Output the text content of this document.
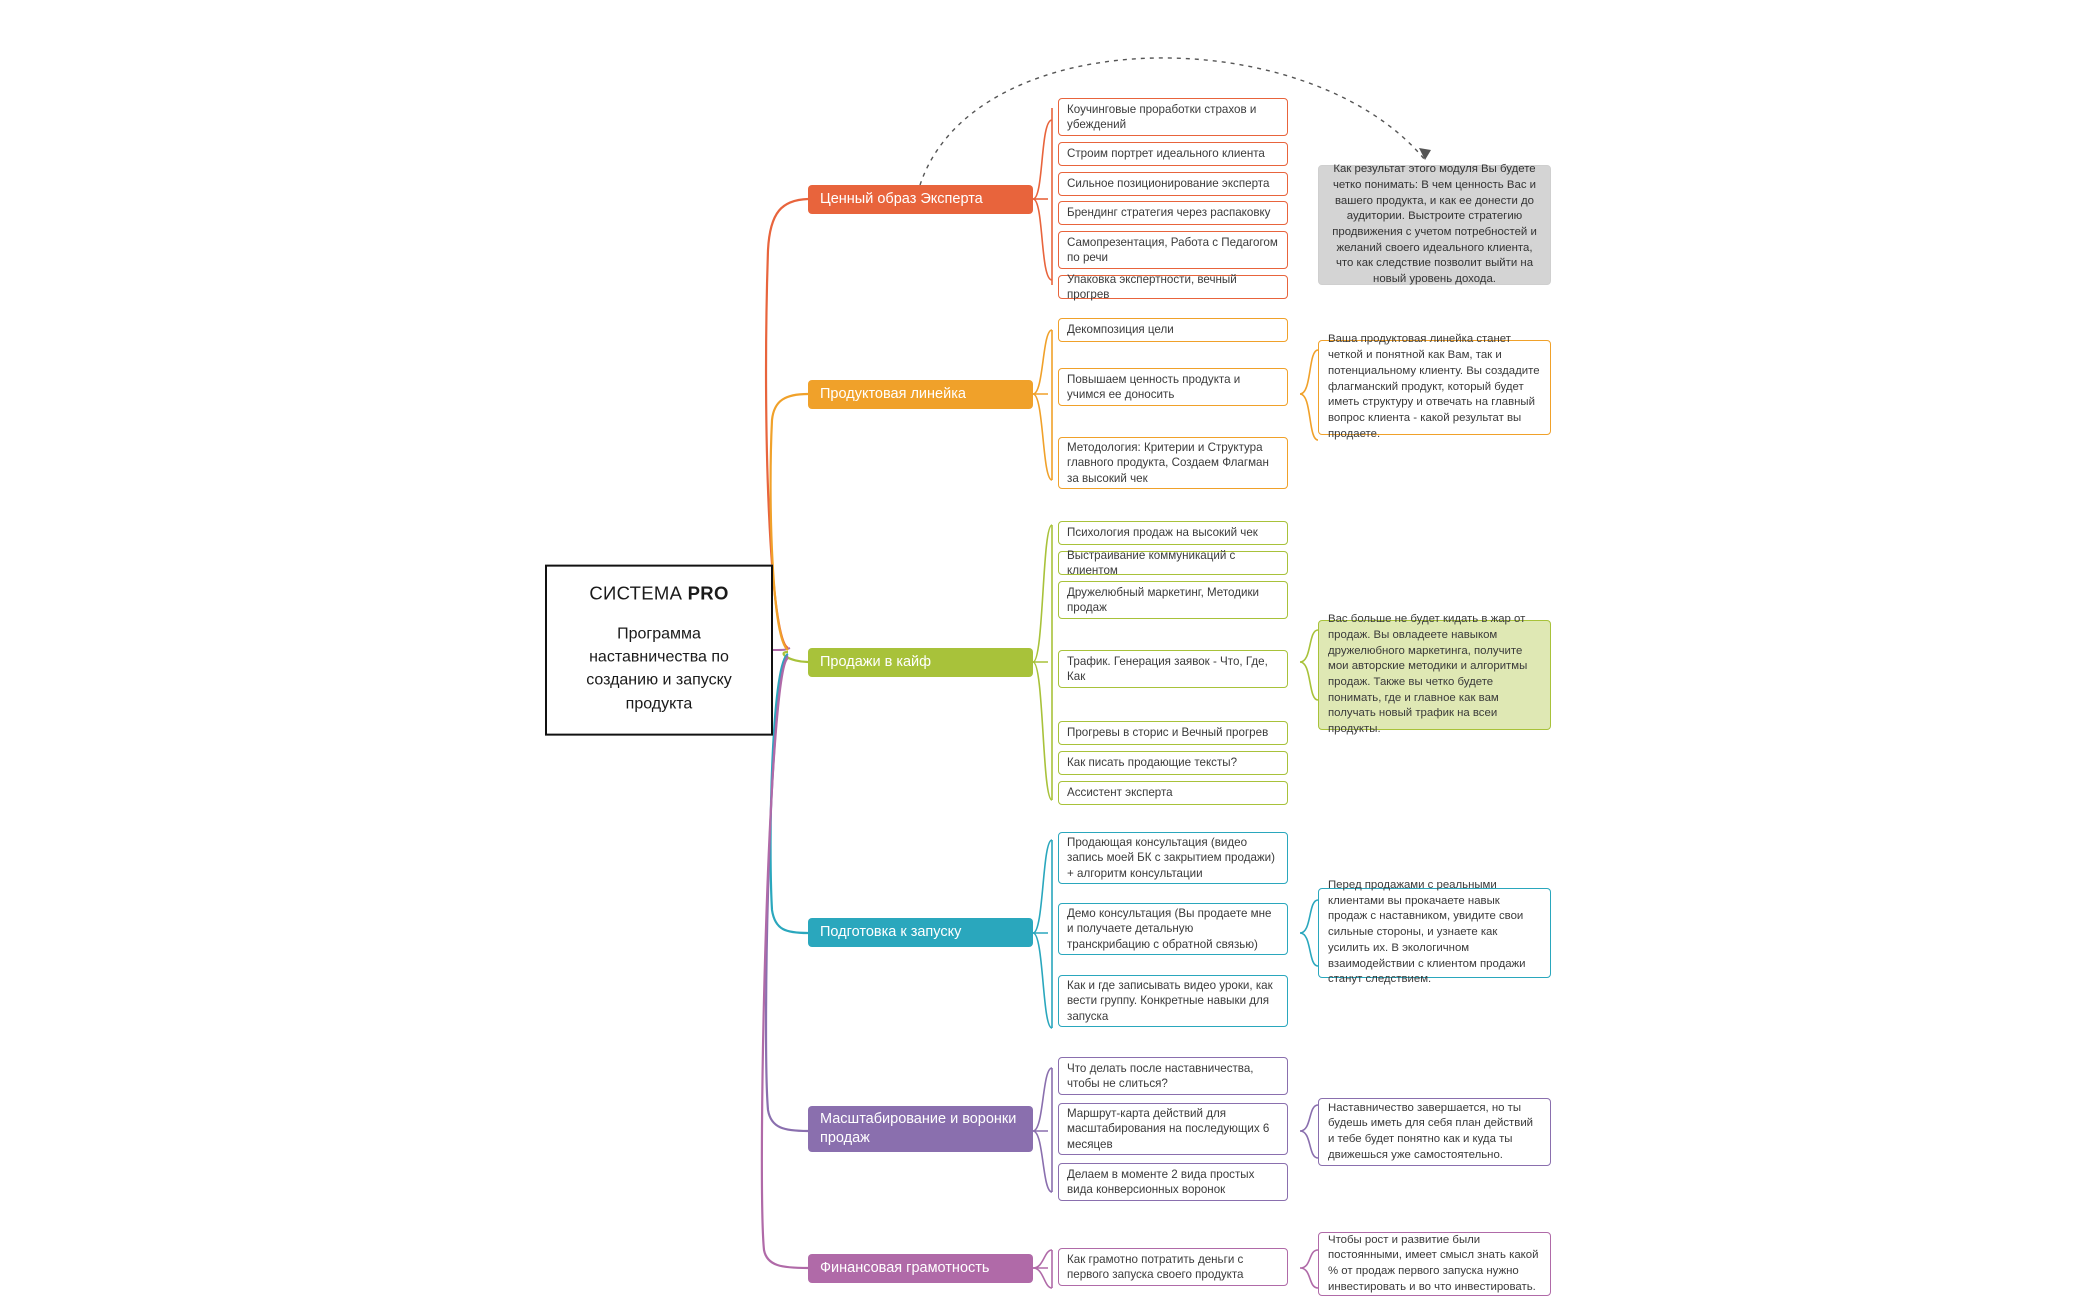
СИСТЕМА PRO
Программа наставничества по созданию и запуску продукта
Ценный образ Эксперта
Коучинговые проработки страхов и убеждений
Строим портрет идеального клиента
Сильное позиционирование эксперта
Брендинг стратегия через распаковку
Самопрезентация, Работа с Педагогом по речи
Упаковка экспертности, вечный прогрев
Как результат этого модуля Вы будете четко понимать: В чем ценность Вас и вашего продукта, и как ее донести до аудитории. Выстроите стратегию продвижения с учетом потребностей и желаний своего идеального клиента, что как следствие позволит выйти на новый уровень дохода.
Продуктовая линейка
Декомпозиция цели
Повышаем ценность продукта и учимся ее доносить
Методология: Критерии и Структура главного продукта, Создаем Флагман за высокий чек
Ваша продуктовая линейка станет четкой и понятной как Вам, так и потенциальному клиенту. Вы создадите флагманский продукт, который будет иметь структуру и отвечать на главный вопрос клиента - какой результат вы продаете.
Продажи в кайф
Психология продаж на высокий чек
Выстраивание коммуникаций с клиентом
Дружелюбный маркетинг, Методики продаж
Трафик. Генерация заявок - Что, Где, Как
Прогревы в сторис и Вечный прогрев
Как писать продающие тексты?
Ассистент эксперта
Вас больше не будет кидать в жар от продаж. Вы овладеете навыком дружелюбного маркетинга, получите мои авторские методики и алгоритмы продаж. Также вы четко будете понимать, где и главное как вам получать новый трафик на всеи продукты.
Подготовка к запуску
Продающая консультация (видео запись моей БК с закрытием продажи) + алгоритм консультации
Демо консультация (Вы продаете мне и получаете детальную транскрибацию с обратной связью)
Как и где записывать видео уроки, как вести группу. Конкретные навыки для запуска
Перед продажами с реальными клиентами вы прокачаете навык продаж с наставником, увидите свои сильные стороны, и узнаете как усилить их. В экологичном взаимодействии с клиентом продажи станут следствием.
Масштабирование и воронки продаж
Что делать после наставничества, чтобы не слиться?
Маршрут-карта действий для масштабирования на последующих 6 месяцев
Делаем в моменте 2 вида простых вида конверсионных воронок
Наставничество завершается, но ты будешь иметь для себя план действий и тебе будет понятно как и куда ты движешься уже самостоятельно.
Финансовая грамотность
Как грамотно потратить деньги с первого запуска своего продукта
Чтобы рост и развитие были постоянными, имеет смысл знать какой % от продаж первого запуска нужно инвестировать и во что инвестировать.
